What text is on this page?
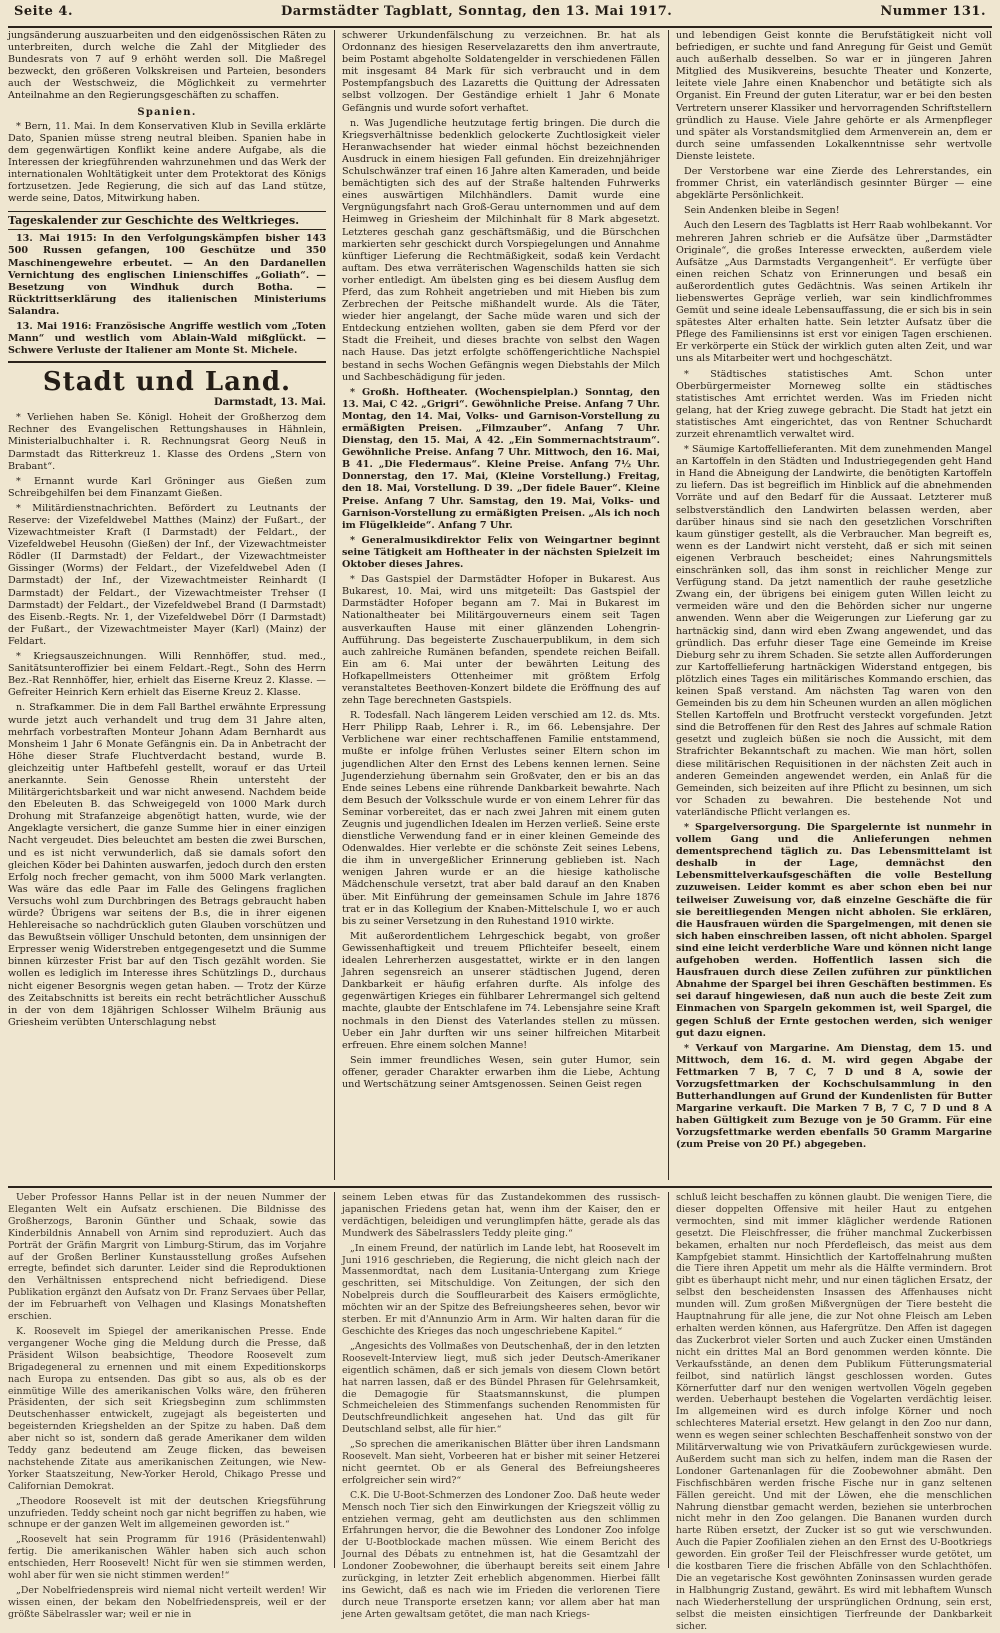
Seite 4.	Darmstädter Tagblatt, Sonntag, den 13. Mai 1917.	Nummer 131.

jungsänderung auszuarbeiten und den eidgenössischen Räten zu unterbreiten, durch welche die Zahl der Mitglieder des Bundesrats von 7 auf 9 erhöht werden soll. Die Maßregel bezweckt, den größeren Volkskreisen und Parteien, besonders auch der Westschweiz, die Möglichkeit zu vermehrter Anteilnahme an den Regierungsgeschäften zu schaffen.

Spanien.

* Bern, 11. Mai. In dem Konservativen Klub in Sevilla erklärte Dato, Spanien müsse streng neutral bleiben. Spanien habe in dem gegenwärtigen Konflikt keine andere Aufgabe, als die Interessen der kriegführenden wahrzunehmen und das Werk der internationalen Wohltätigkeit unter dem Protektorat des Königs fortzusetzen. Jede Regierung, die sich auf das Land stütze, werde seine, Datos, Mitwirkung haben.

Tageskalender zur Geschichte des Weltkrieges.

13. Mai 1915: In den Verfolgungskämpfen bisher 143 500 Russen gefangen, 100 Geschütze und 350 Maschinengewehre erbeutet. — An den Dardanellen Vernichtung des englischen Linienschiffes „Goliath“. — Besetzung von Windhuk durch Botha. — Rücktrittserklärung des italienischen Ministeriums Salandra.

13. Mai 1916: Französische Angriffe westlich vom „Toten Mann“ und westlich vom Ablain-Wald mißglückt. — Schwere Verluste der Italiener am Monte St. Michele.

Stadt und Land.
Darmstadt, 13. Mai.

* Verliehen haben Se. Königl. Hoheit der Großherzog dem Rechner des Evangelischen Rettungshauses in Hähnlein, Ministerialbuchhalter i. R. Rechnungsrat Georg Neuß in Darmstadt das Ritterkreuz 1. Klasse des Ordens „Stern von Brabant“.

* Ernannt wurde Karl Gröninger aus Gießen zum Schreibgehilfen bei dem Finanzamt Gießen.

* Militärdienstnachrichten. Befördert zu Leutnants der Reserve: der Vizefeldwebel Matthes (Mainz) der Fußart., der Vizewachtmeister Kraft (I Darmstadt) der Feldart., der Vizefeldwebel Heusohn (Gießen) der Inf., der Vizewachtmeister Rödler (II Darmstadt) der Feldart., der Vizewachtmeister Gissinger (Worms) der Feldart., der Vizefeldwebel Aden (I Darmstadt) der Inf., der Vizewachtmeister Reinhardt (I Darmstadt) der Feldart., der Vizewachtmeister Trehser (I Darmstadt) der Feldart., der Vizefeldwebel Brand (I Darmstadt) des Eisenb.-Regts. Nr. 1, der Vizefeldwebel Dörr (I Darmstadt) der Fußart., der Vizewachtmeister Mayer (Karl) (Mainz) der Feldart.

* Kriegsauszeichnungen. Willi Rennhöffer, stud. med., Sanitätsunteroffizier bei einem Feldart.-Regt., Sohn des Herrn Bez.-Rat Rennhöffer, hier, erhielt das Eiserne Kreuz 2. Klasse. — Gefreiter Heinrich Kern erhielt das Eiserne Kreuz 2. Klasse.

n. Strafkammer. Die in dem Fall Barthel erwähnte Erpressung wurde jetzt auch verhandelt und trug dem 31 Jahre alten, mehrfach vorbestraften Monteur Johann Adam Bernhardt aus Monsheim 1 Jahr 6 Monate Gefängnis ein. Da in Anbetracht der Höhe dieser Strafe Fluchtverdacht bestand, wurde B. gleichzeitig unter Haftbefehl gestellt, worauf er das Urteil anerkannte. Sein Genosse Rhein untersteht der Militärgerichtsbarkeit und war nicht anwesend. Nachdem beide den Ebeleuten B. das Schweigegeld von 1000 Mark durch Drohung mit Strafanzeige abgenötigt hatten, wurde, wie der Angeklagte versichert, die ganze Summe hier in einer einzigen Nacht vergeudet. Dies beleuchtet am besten die zwei Burschen, und es ist nicht verwunderlich, daß sie damals sofort den gleichen Köder bei Dahinten auswarfen, jedoch durch den ersten Erfolg noch frecher gemacht, von ihm 5000 Mark verlangten. Was wäre das edle Paar im Falle des Gelingens fraglichen Versuchs wohl zum Durchbringen des Betrags gebraucht haben würde? Übrigens war seitens der B.s, die in ihrer eigenen Hehlereisache so nachdrücklich guten Glauben vorschützen und das Bewußtsein völliger Unschuld betonten, dem unsinnigen der Erpresser wenig Widerstreben entgegengesetzt und die Summe binnen kürzester Frist bar auf den Tisch gezählt worden. Sie wollen es lediglich im Interesse ihres Schützlings D., durchaus nicht eigener Besorgnis wegen getan haben. — Trotz der Kürze des Zeitabschnitts ist bereits ein recht beträchtlicher Ausschuß in der von dem 18jährigen Schlosser Wilhelm Bräunig aus Griesheim verübten Unterschlagung nebst

schwerer Urkundenfälschung zu verzeichnen. Br. hat als Ordonnanz des hiesigen Reservelazaretts den ihm anvertraute, beim Postamt abgeholte Soldatengelder in verschiedenen Fällen mit insgesamt 84 Mark für sich verbraucht und in dem Postempfangsbuch des Lazaretts die Quittung der Adressaten selbst vollzogen. Der Geständige erhielt 1 Jahr 6 Monate Gefängnis und wurde sofort verhaftet.

n. Was Jugendliche heutzutage fertig bringen. Die durch die Kriegsverhältnisse bedenklich gelockerte Zuchtlosigkeit vieler Heranwachsender hat wieder einmal höchst bezeichnenden Ausdruck in einem hiesigen Fall gefunden. Ein dreizehnjähriger Schulschwänzer traf einen 16 Jahre alten Kameraden, und beide bemächtigten sich des auf der Straße haltenden Fuhrwerks eines auswärtigen Milchhändlers. Damit wurde eine Vergnügungsfahrt nach Groß-Gerau unternommen und auf dem Heimweg in Griesheim der Milchinhalt für 8 Mark abgesetzt. Letzteres geschah ganz geschäftsmäßig, und die Bürschchen markierten sehr geschickt durch Vorspiegelungen und Annahme künftiger Lieferung die Rechtmäßigkeit, sodaß kein Verdacht auftam. Des etwa verräterischen Wagenschilds hatten sie sich vorher entledigt. Am übelsten ging es bei diesem Ausflug dem Pferd, das zum Rohheit angetrieben und mit Hieben bis zum Zerbrechen der Peitsche mißhandelt wurde. Als die Täter, wieder hier angelangt, der Sache müde waren und sich der Entdeckung entziehen wollten, gaben sie dem Pferd vor der Stadt die Freiheit, und dieses brachte von selbst den Wagen nach Hause. Das jetzt erfolgte schöffengerichtliche Nachspiel bestand in sechs Wochen Gefängnis wegen Diebstahls der Milch und Sachbeschädigung für jeden.

* Großh. Hoftheater. (Wochenspielplan.) Sonntag, den 13. Mai, C 42. „Grigri“. Gewöhnliche Preise. Anfang 7 Uhr. Montag, den 14. Mai, Volks- und Garnison-Vorstellung zu ermäßigten Preisen. „Filmzauber“. Anfang 7 Uhr. Dienstag, den 15. Mai, A 42. „Ein Sommernachtstraum“. Gewöhnliche Preise. Anfang 7 Uhr. Mittwoch, den 16. Mai, B 41. „Die Fledermaus“. Kleine Preise. Anfang 7½ Uhr. Donnerstag, den 17. Mai, (Kleine Vorstellung.) Freitag, den 18. Mai, Vorstellung. D 39. „Der fidele Bauer“. Kleine Preise. Anfang 7 Uhr. Samstag, den 19. Mai, Volks- und Garnison-Vorstellung zu ermäßigten Preisen. „Als ich noch im Flügelkleide“. Anfang 7 Uhr.

* Generalmusikdirektor Felix von Weingartner beginnt seine Tätigkeit am Hoftheater in der nächsten Spielzeit im Oktober dieses Jahres.

* Das Gastspiel der Darmstädter Hofoper in Bukarest. Aus Bukarest, 10. Mai, wird uns mitgeteilt: Das Gastspiel der Darmstädter Hofoper begann am 7. Mai in Bukarest im Nationaltheater bei Militärgouverneurs einem seit Tagen ausverkauften Hause mit einer glänzenden Lohengrin-Aufführung. Das begeisterte Zuschauerpublikum, in dem sich auch zahlreiche Rumänen befanden, spendete reichen Beifall. Ein am 6. Mai unter der bewährten Leitung des Hofkapellmeisters Ottenheimer mit größtem Erfolg veranstaltetes Beethoven-Konzert bildete die Eröffnung des auf zehn Tage berechneten Gastspiels.

R. Todesfall. Nach längerem Leiden verschied am 12. ds. Mts. Herr Philipp Raab, Lehrer i. R., im 66. Lebensjahre. Der Verblichene war einer rechtschaffenen Familie entstammend, mußte er infolge frühen Verlustes seiner Eltern schon im jugendlichen Alter den Ernst des Lebens kennen lernen. Seine Jugenderziehung übernahm sein Großvater, den er bis an das Ende seines Lebens eine rührende Dankbarkeit bewahrte. Nach dem Besuch der Volksschule wurde er von einem Lehrer für das Seminar vorbereitet, das er nach zwei Jahren mit einem guten Zeugnis und jugendlichen Idealen im Herzen verließ. Seine erste dienstliche Verwendung fand er in einer kleinen Gemeinde des Odenwaldes. Hier verlebte er die schönste Zeit seines Lebens, die ihm in unvergeßlicher Erinnerung geblieben ist. Nach wenigen Jahren wurde er an die hiesige katholische Mädchenschule versetzt, trat aber bald darauf an den Knaben über. Mit Einführung der gemeinsamen Schule im Jahre 1876 trat er in das Kollegium der Knaben-Mittelschule I, wo er auch bis zu seiner Versetzung in den Ruhestand 1910 wirkte.

Mit außerordentlichem Lehrgeschick begabt, von großer Gewissenhaftigkeit und treuem Pflichteifer beseelt, einem idealen Lehrerherzen ausgestattet, wirkte er in den langen Jahren segensreich an unserer städtischen Jugend, deren Dankbarkeit er häufig erfahren durfte. Als infolge des gegenwärtigen Krieges ein fühlbarer Lehrermangel sich geltend machte, glaubte der Entschlafene im 74. Lebensjahre seine Kraft nochmals in den Dienst des Vaterlandes stellen zu müssen. Ueber ein Jahr durften wir uns seiner hilfreichen Mitarbeit erfreuen. Ehre einem solchen Manne!

Sein immer freundliches Wesen, sein guter Humor, sein offener, gerader Charakter erwarben ihm die Liebe, Achtung und Wertschätzung seiner Amtsgenossen. Seinen Geist regen

und lebendigen Geist konnte die Berufstätigkeit nicht voll befriedigen, er suchte und fand Anregung für Geist und Gemüt auch außerhalb desselben. So war er in jüngeren Jahren Mitglied des Musikvereins, besuchte Theater und Konzerte, leitete viele Jahre einen Knabenchor und betätigte sich als Organist. Ein Freund der guten Literatur, war er bei den besten Vertretern unserer Klassiker und hervorragenden Schriftstellern gründlich zu Hause. Viele Jahre gehörte er als Armenpfleger und später als Vorstandsmitglied dem Armenverein an, dem er durch seine umfassenden Lokalkenntnisse sehr wertvolle Dienste leistete.

Der Verstorbene war eine Zierde des Lehrerstandes, ein frommer Christ, ein vaterländisch gesinnter Bürger — eine abgeklärte Persönlichkeit.

Sein Andenken bleibe in Segen!

Auch den Lesern des Tagblatts ist Herr Raab wohlbekannt. Vor mehreren Jahren schrieb er die Aufsätze über „Darmstädter Originale“, die großes Interesse erweckten, außerdem viele Aufsätze „Aus Darmstadts Vergangenheit“. Er verfügte über einen reichen Schatz von Erinnerungen und besaß ein außerordentlich gutes Gedächtnis. Was seinen Artikeln ihr liebenswertes Gepräge verlieh, war sein kindlichfrommes Gemüt und seine ideale Lebensauffassung, die er sich bis in sein spätestes Alter erhalten hatte. Sein letzter Aufsatz über die Pflege des Familiensinns ist erst vor einigen Tagen erschienen. Er verkörperte ein Stück der wirklich guten alten Zeit, und war uns als Mitarbeiter wert und hochgeschätzt.

* Städtisches statistisches Amt. Schon unter Oberbürgermeister Morneweg sollte ein städtisches statistisches Amt errichtet werden. Was im Frieden nicht gelang, hat der Krieg zuwege gebracht. Die Stadt hat jetzt ein statistisches Amt eingerichtet, das von Rentner Schuchardt zurzeit ehrenamtlich verwaltet wird.

* Säumige Kartoffellieferanten. Mit dem zunehmenden Mangel an Kartoffeln in den Städten und Industriegegenden geht Hand in Hand die Abneigung der Landwirte, die benötigten Kartoffeln zu liefern. Das ist begreiflich im Hinblick auf die abnehmenden Vorräte und auf den Bedarf für die Aussaat. Letzterer muß selbstverständlich den Landwirten belassen werden, aber darüber hinaus sind sie nach den gesetzlichen Vorschriften kaum günstiger gestellt, als die Verbraucher. Man begreift es, wenn es der Landwirt nicht versteht, daß er sich mit seinen eigenen Verbrauch bescheidet; eines Nahrungsmittels einschränken soll, das ihm sonst in reichlicher Menge zur Verfügung stand. Da jetzt namentlich der rauhe gesetzliche Zwang ein, der übrigens bei einigem guten Willen leicht zu vermeiden wäre und den die Behörden sicher nur ungerne anwenden. Wenn aber die Weigerungen zur Lieferung gar zu hartnäckig sind, dann wird eben Zwang angewendet, und das gründlich. Das erfuhr dieser Tage eine Gemeinde im Kreise Dieburg sehr zu ihrem Schaden. Sie setzte allen Aufforderungen zur Kartoffellieferung hartnäckigen Widerstand entgegen, bis plötzlich eines Tages ein militärisches Kommando erschien, das keinen Spaß verstand. Am nächsten Tag waren von den Gemeinden bis zu dem hin Scheunen wurden an allen möglichen Stellen Kartoffeln und Brotfrucht versteckt vorgefunden. Jetzt sind die Betroffenen für den Rest des Jahres auf schmale Ration gesetzt und zugleich büßen sie noch die Aussicht, mit dem Strafrichter Bekanntschaft zu machen. Wie man hört, sollen diese militärischen Requisitionen in der nächsten Zeit auch in anderen Gemeinden angewendet werden, ein Anlaß für die Gemeinden, sich beizeiten auf ihre Pflicht zu besinnen, um sich vor Schaden zu bewahren. Die bestehende Not und vaterländische Pflicht verlangen es.

* Spargelversorgung. Die Spargelernte ist nunmehr in vollem Gang und die Anlieferungen nehmen dementsprechend täglich zu. Das Lebensmittelamt ist deshalb in der Lage, demnächst den Lebensmittelverkaufsgeschäften die volle Bestellung zuzuweisen. Leider kommt es aber schon eben bei nur teilweiser Zuweisung vor, daß einzelne Geschäfte die für sie bereitliegenden Mengen nicht abholen. Sie erklären, die Hausfrauen würden die Spargelmengen, mit denen sie sich haben einschreiben lassen, oft nicht abholen. Spargel sind eine leicht verderbliche Ware und können nicht lange aufgehoben werden. Hoffentlich lassen sich die Hausfrauen durch diese Zeilen zuführen zur pünktlichen Abnahme der Spargel bei ihren Geschäften bestimmen. Es sei darauf hingewiesen, daß nun auch die beste Zeit zum Einmachen von Spargeln gekommen ist, weil Spargel, die gegen Schluß der Ernte gestochen werden, sich weniger gut dazu eignen.

* Verkauf von Margarine. Am Dienstag, dem 15. und Mittwoch, dem 16. d. M. wird gegen Abgabe der Fettmarken 7 B, 7 C, 7 D und 8 A, sowie der Vorzugsfettmarken der Kochschulsammlung in den Butterhandlungen auf Grund der Kundenlisten für Butter Margarine verkauft. Die Marken 7 B, 7 C, 7 D und 8 A haben Gültigkeit zum Bezuge von je 50 Gramm. Für eine Vorzugsfettmarke werden ebenfalls 50 Gramm Margarine (zum Preise von 20 Pf.) abgegeben.

Ueber Professor Hanns Pellar ist in der neuen Nummer der Eleganten Welt ein Aufsatz erschienen. Die Bildnisse des Großherzogs, Baronin Günther und Schaak, sowie das Kinderbildnis Annabell von Arnim sind reproduziert. Auch das Porträt der Gräfin Margrit von Limburg-Stirum, das im Vorjahre auf der Großen Berliner Kunstausstellung großes Aufsehen erregte, befindet sich darunter. Leider sind die Reproduktionen den Verhältnissen entsprechend nicht befriedigend. Diese Publikation ergänzt den Aufsatz von Dr. Franz Servaes über Pellar, der im Februarheft von Velhagen und Klasings Monatsheften erschien.

K. Roosevelt im Spiegel der amerikanischen Presse. Ende vergangener Woche ging die Meldung durch die Presse, daß Präsident Wilson beabsichtige, Theodore Roosevelt zum Brigadegeneral zu ernennen und mit einem Expeditionskorps nach Europa zu entsenden. Das gibt so aus, als ob es der einmütige Wille des amerikanischen Volks wäre, den früheren Präsidenten, der sich seit Kriegsbeginn zum schlimmsten Deutschenhasser entwickelt, zugejagt als begeisterten und begeisternden Kriegshelden an der Spitze zu haben. Daß dem aber nicht so ist, sondern daß gerade Amerikaner dem wilden Teddy ganz bedeutend am Zeuge flicken, das beweisen nachstehende Zitate aus amerikanischen Zeitungen, wie New-Yorker Staatszeitung, New-Yorker Herold, Chikago Presse und Californian Demokrat.

„Theodore Roosevelt ist mit der deutschen Kriegsführung unzufrieden. Teddy scheint noch gar nicht begriffen zu haben, wie schnupe er der ganzen Welt im allgemeinen geworden ist.“

„Roosevelt hat sein Programm für 1916 (Präsidentenwahl) fertig. Die amerikanischen Wähler haben sich auch schon entschieden, Herr Roosevelt! Nicht für wen sie stimmen werden, wohl aber für wen sie nicht stimmen werden!“

„Der Nobelfriedenspreis wird niemal nicht verteilt werden! Wir wissen einen, der bekam den Nobelfriedenspreis, weil er der größte Säbelrassler war; weil er nie in

seinem Leben etwas für das Zustandekommen des russisch-japanischen Friedens getan hat, wenn ihm der Kaiser, den er verdächtigen, beleidigen und verunglimpfen hätte, gerade als das Mundwerk des Säbelrasslers Teddy pleite ging.“

„In einem Freund, der natürlich im Lande lebt, hat Roosevelt im Juni 1916 geschrieben, die Regierung, die nicht gleich nach der Massenmordtat, nach dem Lusitania-Untergang zum Kriege geschritten, sei Mitschuldige. Von Zeitungen, der sich den Nobelpreis durch die Souffleurarbeit des Kaisers ermöglichte, möchten wir an der Spitze des Befreiungsheeres sehen, bevor wir sterben. Er mit d'Annunzio Arm in Arm. Wir halten daran für die Geschichte des Krieges das noch ungeschriebene Kapitel.“

„Angesichts des Vollmaßes von Deutschenhaß, der in den letzten Roosevelt-Interview liegt, muß sich jeder Deutsch-Amerikaner eigentlich schämen, daß er sich jemals von diesem Clown betört hat narren lassen, daß er des Bündel Phrasen für Gelehrsamkeit, die Demagogie für Staatsmannskunst, die plumpen Schmeicheleien des Stimmenfangs suchenden Renommisten für Deutschfreundlichkeit angesehen hat. Und das gilt für Deutschland selbst, alle für hier.“

„So sprechen die amerikanischen Blätter über ihren Landsmann Roosevelt. Man sieht, Vorbeeren hat er bisher mit seiner Hetzerei nicht geerntet. Ob er als General des Befreiungsheeres erfolgreicher sein wird?“

C.K. Die U-Boot-Schmerzen des Londoner Zoo. Daß heute weder Mensch noch Tier sich den Einwirkungen der Kriegszeit völlig zu entziehen vermag, geht am deutlichsten aus den schlimmen Erfahrungen hervor, die die Bewohner des Londoner Zoo infolge der U-Bootblockade machen müssen. Wie einem Bericht des Journal des Débats zu entnehmen ist, hat die Gesamtzahl der Londoner Zoobewohner, die überhaupt bereits seit einem Jahre zurückging, in letzter Zeit erheblich abgenommen. Hierbei fällt ins Gewicht, daß es nach wie im Frieden die verlorenen Tiere durch neue Transporte ersetzen kann; vor allem aber hat man jene Arten gewaltsam getötet, die man nach Kriegs-

schluß leicht beschaffen zu können glaubt. Die wenigen Tiere, die dieser doppelten Offensive mit heiler Haut zu entgehen vermochten, sind mit immer kläglicher werdende Rationen gesetzt. Die Fleischfresser, die früher manchmal Zuckerbissen bekamen, erhalten nur noch Pferdefleisch, das meist aus dem Kampfgebiet stammt. Hinsichtlich der Kartoffelnahrung mußten die Tiere ihren Appetit um mehr als die Hälfte vermindern. Brot gibt es überhaupt nicht mehr, und nur einen täglichen Ersatz, der selbst den bescheidensten Insassen des Affenhauses nicht munden will. Zum großen Mißvergnügen der Tiere besteht die Hauptnahrung für alle jene, die zur Not ohne Fleisch am Leben erhalten werden können, aus Hafergrütze. Den Affen ist dagegen das Zuckerbrot vieler Sorten und auch Zucker einen Umständen nicht ein drittes Mal an Bord genommen werden könnte. Die Verkaufsstände, an denen dem Publikum Fütterungsmaterial feilbot, sind natürlich längst geschlossen worden. Gutes Körnerfutter darf nur den wenigen wertvollen Vögeln gegeben werden. Ueberhaupt bestehen die Vogelarten verdächtig leiser. Im allgemeinen wird es durch infolge Körner und noch schlechteres Material ersetzt. Hew gelangt in den Zoo nur dann, wenn es wegen seiner schlechten Beschaffenheit sonstwo von der Militärverwaltung wie von Privatkäufern zurückgewiesen wurde. Außerdem sucht man sich zu helfen, indem man die Rasen der Londoner Gartenanlagen für die Zoobewohner abmäht. Den Fischfischbären werden frische Fische nur in ganz seltenen Fällen gereicht. Und mit der Löwen, ehe die menschlichen Nahrung dienstbar gemacht werden, beziehen sie unterbrochen nicht mehr in den Zoo gelangen. Die Bananen wurden durch harte Rüben ersetzt, der Zucker ist so gut wie verschwunden. Auch die Papier Zoofilialen ziehen an den Ernst des U-Bootkriegs geworden. Ein großer Teil der Fleischfresser wurde getötet, um die kostbaren Tiere die frischen Abfälle von den Schlachthöfen. Die an vegetarische Kost gewöhnten Zoninsassen wurden gerade in Halbhungrig Zustand, gewährt. Es wird mit lebhaftem Wunsch nach Wiederherstellung der ursprünglichen Ordnung, sein erst, selbst die meisten einsichtigen Tierfreunde der Dankbarkeit sicher.
